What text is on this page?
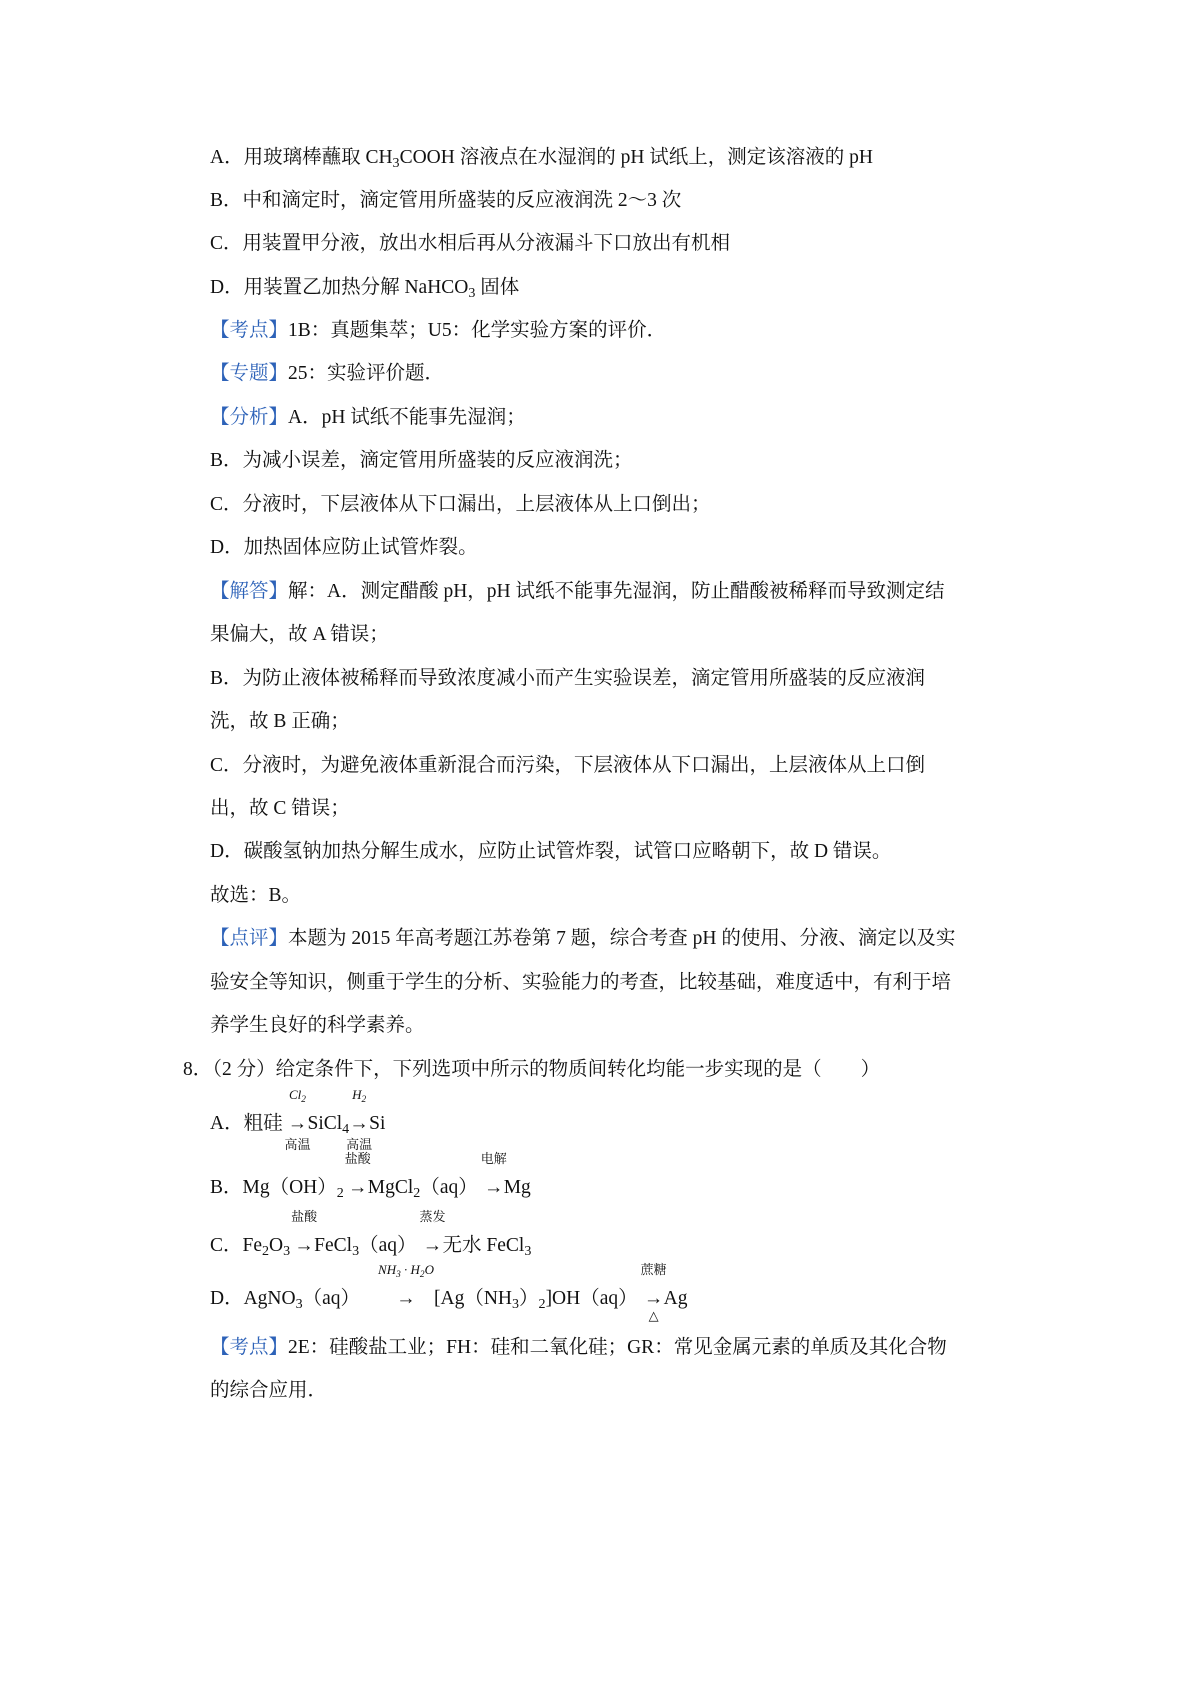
A．用玻璃棒蘸取 $CH_3COOH$ 溶液点在水湿润的 pH 试纸上，测定该溶液的 pH
B．中和滴定时，滴定管用所盛装的反应液润洗 2～3 次
C．用装置甲分液，放出水相后再从分液漏斗下口放出有机相
D．用装置乙加热分解 NaHCO$_3$ 固体
【考点】1B：真题集萃；U5：化学实验方案的评价．
【专题】25：实验评价题．
【分析】A．pH 试纸不能事先湿润；
B．为减小误差，滴定管用所盛装的反应液润洗；
C．分液时，下层液体从下口漏出，上层液体从上口倒出；
D．加热固体应防止试管炸裂。
【解答】解：A．测定醋酸 pH，pH 试纸不能事先湿润，防止醋酸被稀释而导致测定结
果偏大，故 A 错误；
B．为防止液体被稀释而导致浓度减小而产生实验误差，滴定管用所盛装的反应液润
洗，故 B 正确；
C．分液时，为避免液体重新混合而污染，下层液体从下口漏出，上层液体从上口倒
出，故 C 错误；
D．碳酸氢钠加热分解生成水，应防止试管炸裂，试管口应略朝下，故 D 错误。
故选：B。
【点评】本题为 2015 年高考题江苏卷第 7 题，综合考查 pH 的使用、分液、滴定以及实
验安全等知识，侧重于学生的分析、实验能力的考查，比较基础，难度适中，有利于培
养学生良好的科学素养。
8．（2 分）给定条件下，下列选项中所示的物质间转化均能一步实现的是（　　）
A．粗硅
$Cl_2$
→
高温
SiCl$_4$
$H_2$
→
高温
Si
B．$Mg(OH)_2$
盐酸
→ MgCl$_2$（aq）
电解
→ Mg
C．$Fe_2O_3$
盐酸
→ FeCl$_3$（aq）
蒸发
→ 无水 FeCl$_3$
D．AgNO$_3$（aq）
$NH_3 \cdot H_2O$
→ $[Ag(NH_3)_2]OH(aq)$
蔗糖
→
△
Ag
【考点】2E：硅酸盐工业；FH：硅和二氧化硅；GR：常见金属元素的单质及其化合物
的综合应用．
